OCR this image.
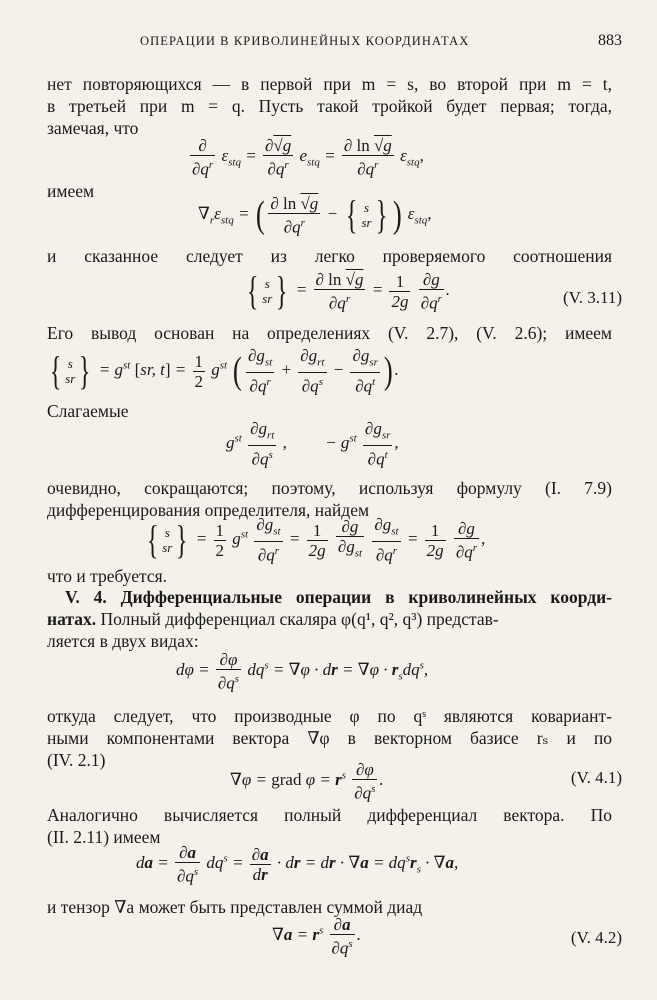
ОПЕРАЦИИ В КРИВОЛИНЕЙНЫХ КООРДИНАТАХ	883
нет повторяющихся — в первой при m = s, во второй при m = t,
в третьей при m = q. Пусть такой тройкой будет первая; тогда,
замечая, что
$\frac{\partial}{\partial q^r} \varepsilon_{stq} = \frac{\partial√g}{\partial q^r} e_{stq} = \frac{\partial \ln √g}{\partial q^r} \varepsilon_{stq}$,
имеем
$\nabla_r\varepsilon_{stq}$ = ( $\frac{\partial \ln √g}{\partial q^r}$ − { s
sr } ) $\varepsilon_{stq}$,
и сказанное следует из легко проверяемого соотношения
{ s
sr } = $\frac{\partial \ln √g}{\partial q^r} = \frac{1}{2g}$
$\frac{\partial g}{\partial q^r}$ .	(V. 3.11)
Его вывод основан на определениях (V. 2.7), (V. 2.6); имеем
{ s
sr } = $g^{st}$ [sr, $t] = \frac{1}{2} g^{st}$ ( $\frac{\partial g_{st}}{\partial q^r} + \frac{\partial g_{rt}}{\partial q^s} - \frac{\partial g_{sr}}{\partial q^t}$ ) .
Слагаемые
$g^{st} \frac{\partial g_{rt}}{\partial q^s}$ ,         − $g^{st} \frac{\partial g_{sr}}{\partial q^t}$ ,
очевидно, сокращаются; поэтому, используя формулу (I. 7.9)
дифференцирования определителя, найдем
{ s
sr } = $\frac{1}{2} g^{st} \frac{\partial g_{st}}{\partial q^r} = \frac{1}{2g}$
$\frac{\partial g}{\partial g_{st}}$
$\frac{\partial g_{st}}{\partial q^r} = \frac{1}{2g}$
$\frac{\partial g}{\partial q^r}$ ,
что и требуется.
V. 4. Дифференциальные операции в криволинейных коорди-
натах. Полный дифференциал скаляра φ(q¹, q², q³) представ-
ляется в двух видах:
$d\varphi = \frac{\partial\varphi}{\partial q^s} dq^s = \nabla\varphi$ · dr = $\nabla\varphi \cdot r_sdq^s$,
откуда следует, что производные φ по qˢ являются ковариант-
ными компонентами вектора ∇φ в векторном базисе rₛ и по
(IV. 2.1)
∇φ = grad $\varphi = r^s \frac{\partial\varphi}{\partial q^s}$ .	(V. 4.1)
Аналогично вычисляется полный дифференциал вектора. По
(II. 2.11) имеем
da = $\frac{\partial a}{\partial q^s} dq^s = \frac{\partial a}{dr}$ · dr = dr · $\nabla a = dq^sr_s \cdot \nabla a$,
и тензор ∇a может быть представлен суммой диад
$\nabla a = r^s \frac{\partial a}{\partial q^s}$ .	(V. 4.2)
